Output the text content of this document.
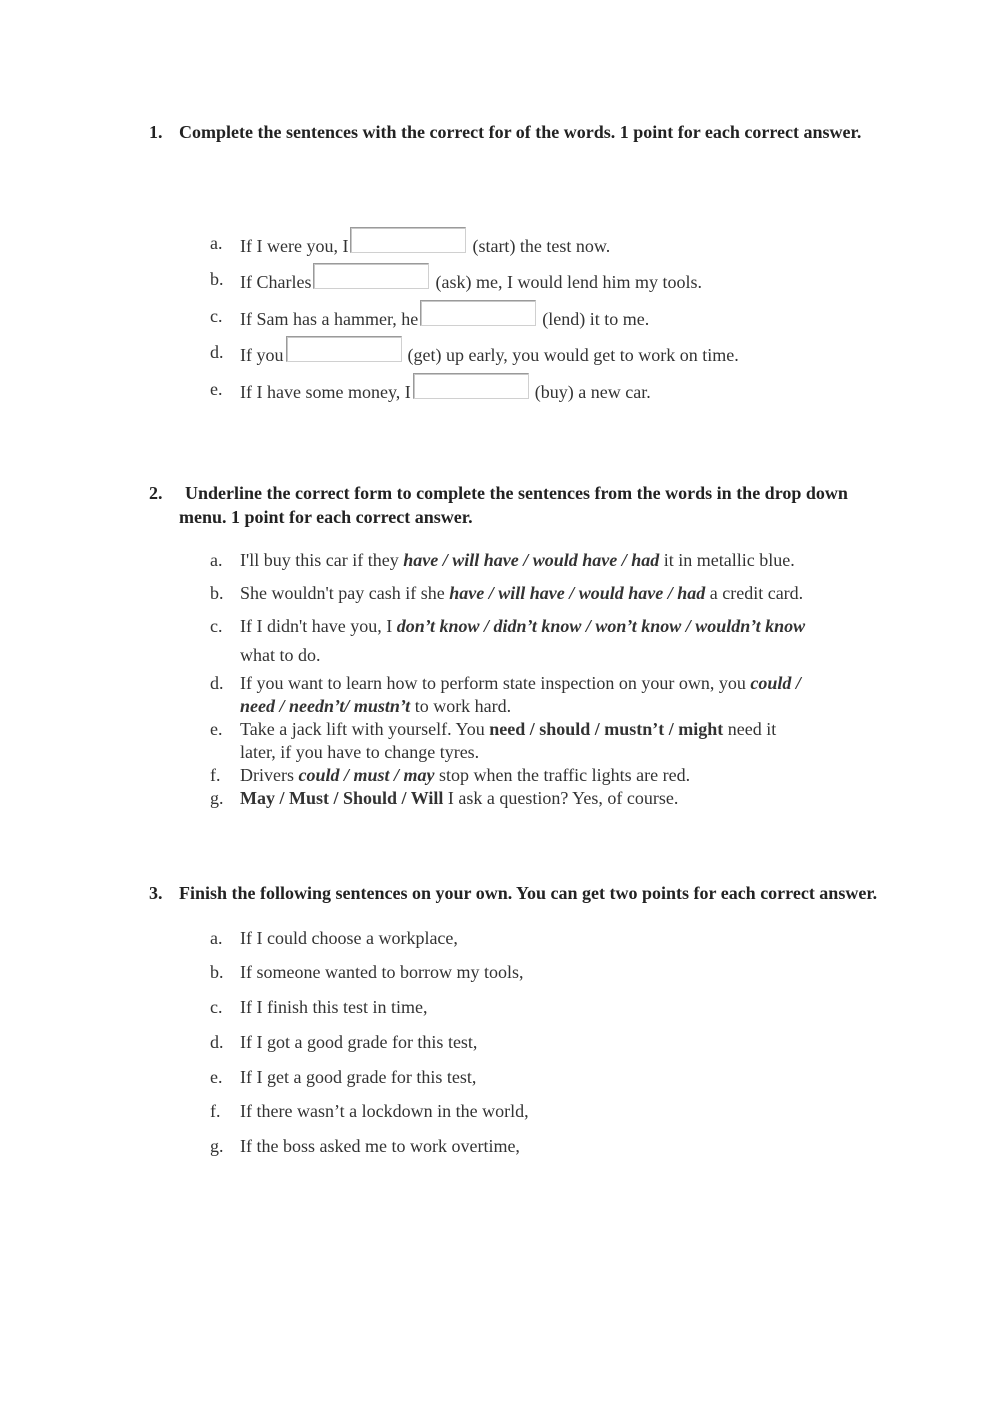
1. Complete the sentences with the correct for of the words. 1 point for each correct answer.
a. If I were you, I	(start) the test now.
b. If Charles	(ask) me, I would lend him my tools.
c. If Sam has a hammer, he	(lend) it to me.
d. If you	(get) up early, you would get to work on time.
e. If I have some money, I	(buy) a new car.
2.	Underline the correct form to complete the sentences from the words in the drop down menu. 1 point for each correct answer.
a. I'll buy this car if they have / will have / would have / had it in metallic blue.
b. She wouldn't pay cash if she have / will have / would have / had a credit card.
c. If I didn't have you, I don’t know / didn’t know / won’t know / wouldn’t know
what to do.
d. If you want to learn how to perform state inspection on your own, you could /
need / needn’t/ mustn’t to work hard.
e. Take a jack lift with yourself. You need / should / mustn’t / might need it
later, if you have to change tyres.
f. Drivers could / must / may stop when the traffic lights are red.
g. May / Must / Should / Will I ask a question? Yes, of course.
3. Finish the following sentences on your own. You can get two points for each correct answer.
a. If I could choose a workplace,
b. If someone wanted to borrow my tools,
c. If I finish this test in time,
d. If I got a good grade for this test,
e. If I get a good grade for this test,
f. If there wasn’t a lockdown in the world,
g. If the boss asked me to work overtime,
